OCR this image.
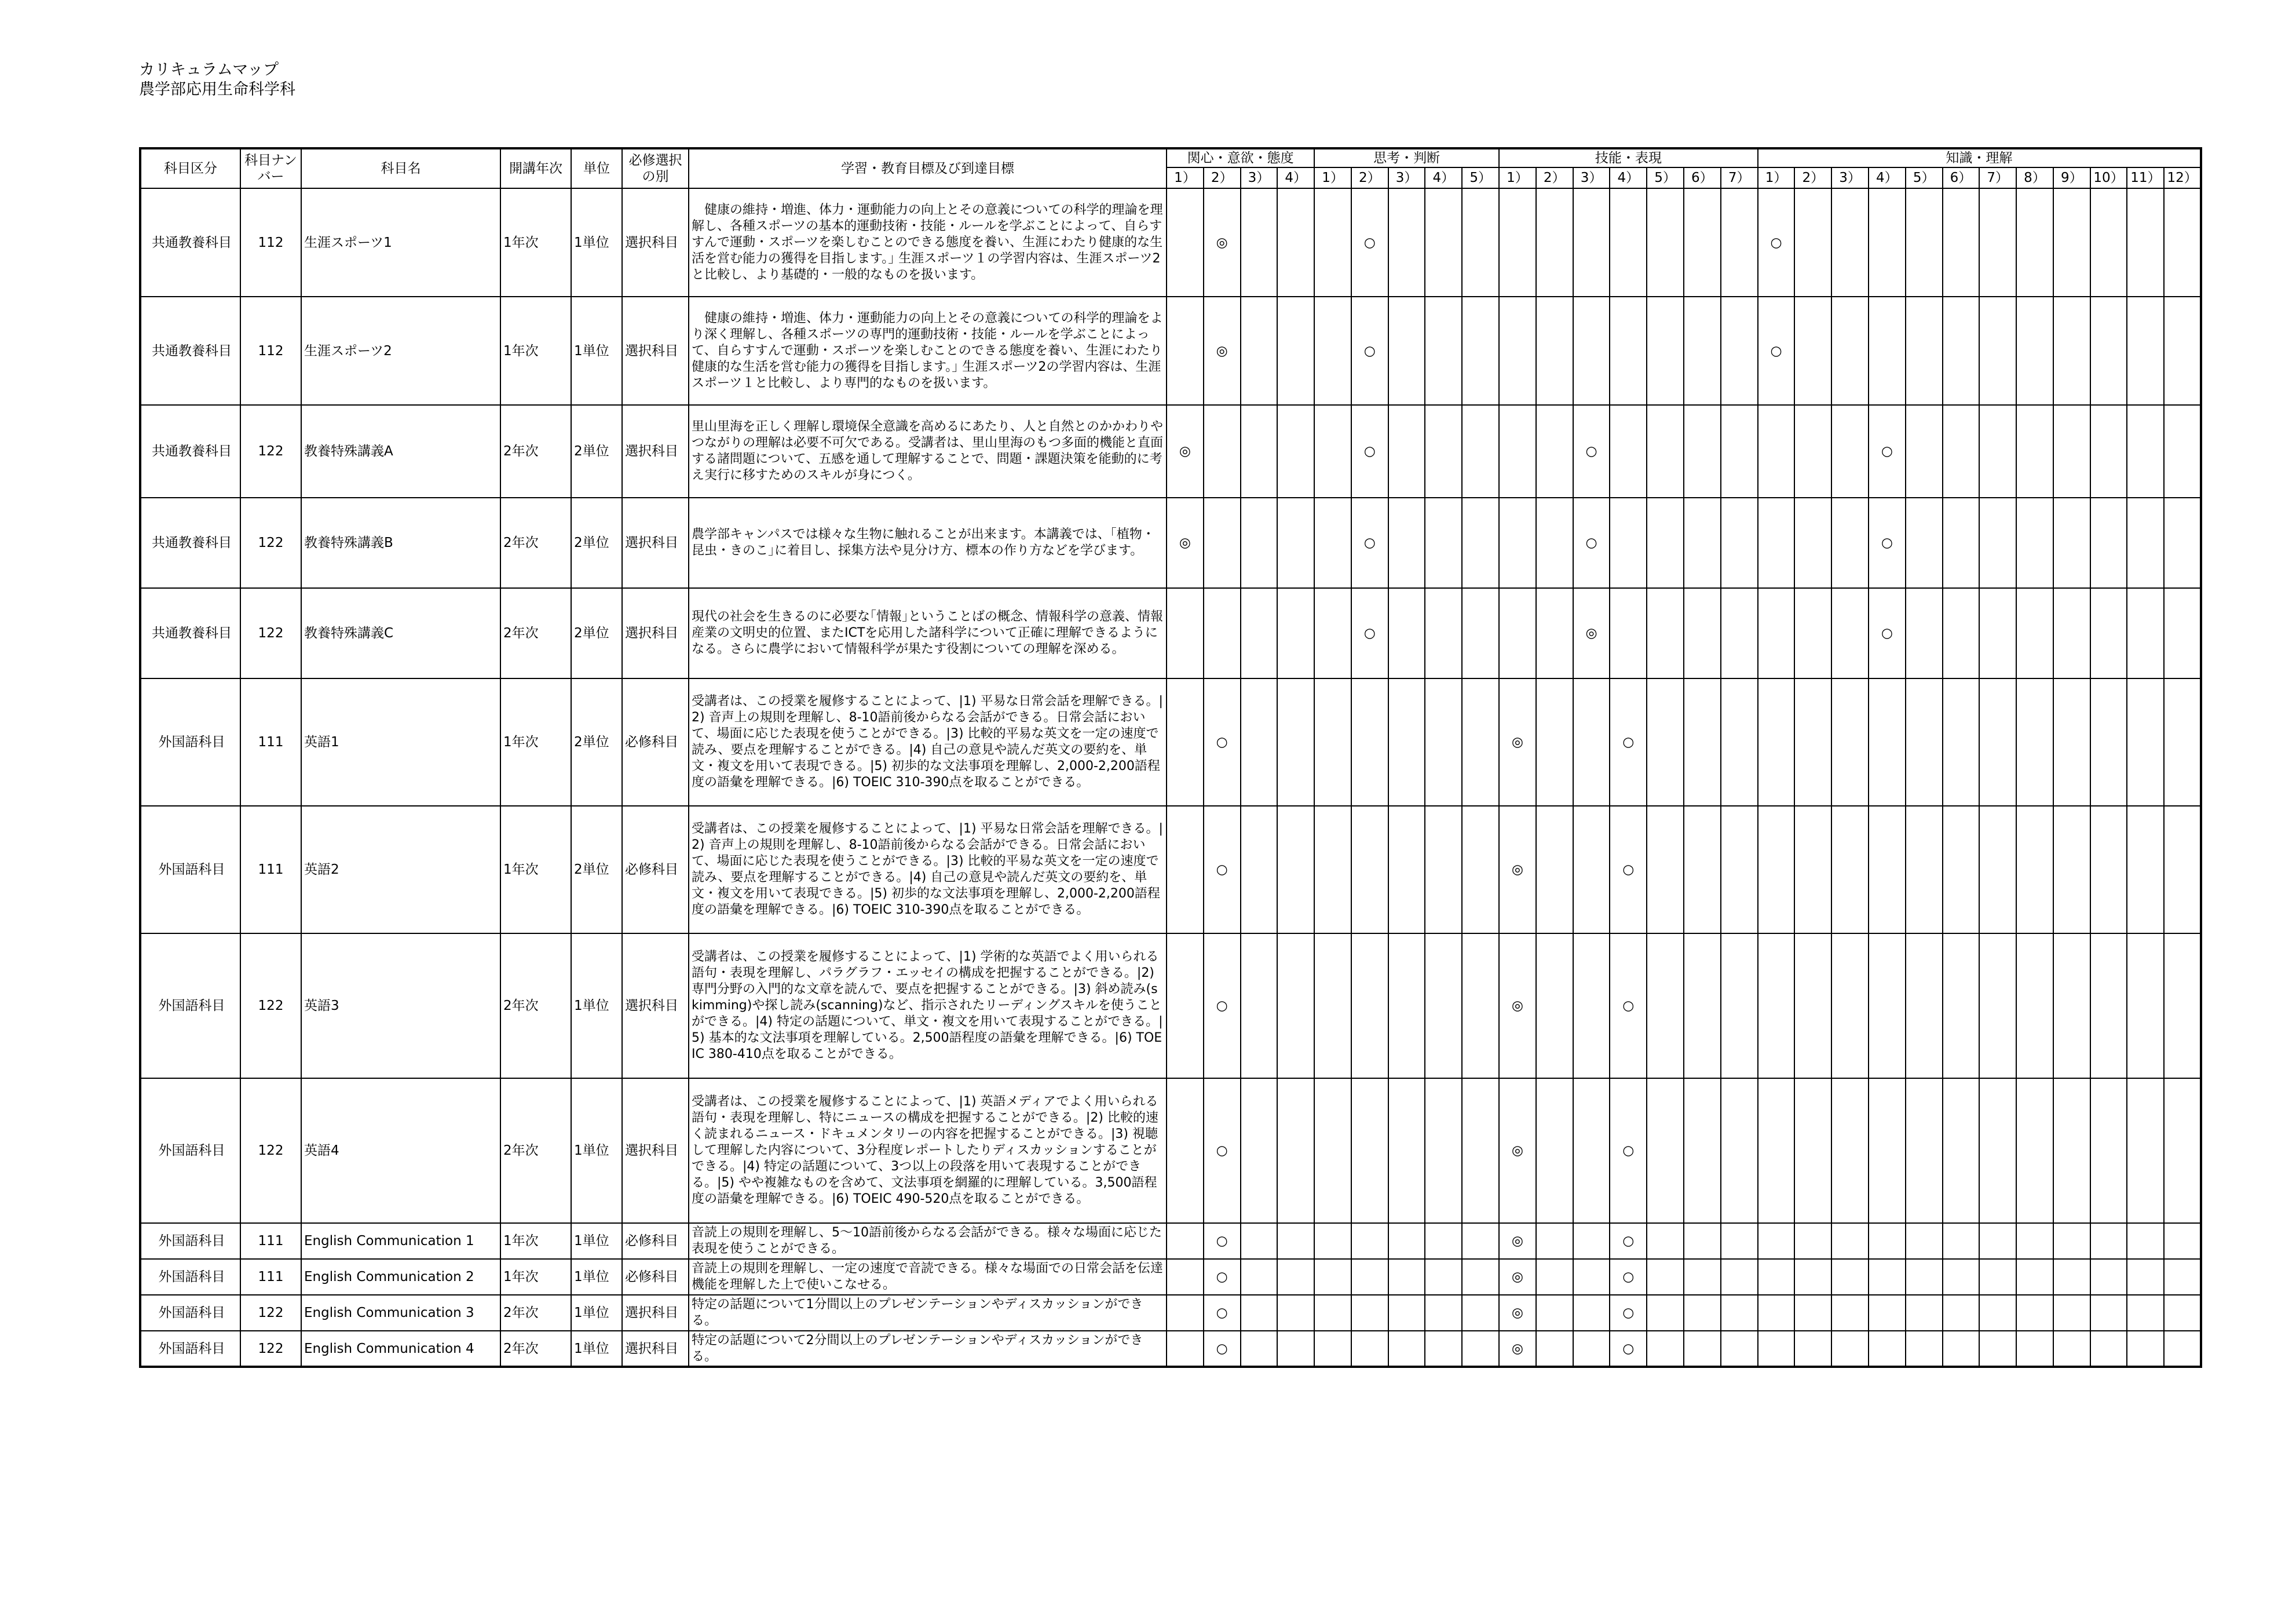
カリキュラムマップ
農学部応用生命科学科
科目区分	科目ナンバー	科目名	開講年次	単位	必修選択の別	学習・教育目標及び到達目標	関心・意欲・態度				思考・判断					技能・表現							知識・理解											
							1）	2）	3）	4）	1）	2）	3）	4）	5）	1）	2）	3）	4）	5）	6）	7）	1）	2）	3）	4）	5）	6）	7）	8）	9）	10）	11）	12）
共通教養科目	112	生涯スポーツ1	1年次	1単位	選択科目	　健康の維持・増進、体力・運動能力の向上とその意義についての科学的理論を理解し、各種スポーツの基本的運動技術・技能・ルールを学ぶことによって、自らすすんで運動・スポーツを楽しむことのできる態度を養い、生涯にわたり健康的な生活を営む能力の獲得を目指します。｣ 生涯スポーツ１の学習内容は、生涯スポーツ2と比較し、より基礎的・一般的なものを扱います。		◎				○											○											
共通教養科目	112	生涯スポーツ2	1年次	1単位	選択科目	　健康の維持・増進、体力・運動能力の向上とその意義についての科学的理論をより深く理解し、各種スポーツの専門的運動技術・技能・ルールを学ぶことによって、自らすすんで運動・スポーツを楽しむことのできる態度を養い、生涯にわたり健康的な生活を営む能力の獲得を目指します。｣ 生涯スポーツ2の学習内容は、生涯スポーツ１と比較し、より専門的なものを扱います。		◎				○											○											
共通教養科目	122	教養特殊講義A	2年次	2単位	選択科目	里山里海を正しく理解し環境保全意識を高めるにあたり、人と自然とのかかわりやつながりの理解は必要不可欠である。受講者は、里山里海のもつ多面的機能と直面する諸問題について、五感を通して理解することで、問題・課題決策を能動的に考え実行に移すためのスキルが身につく。	◎					○						○								○								
共通教養科目	122	教養特殊講義B	2年次	2単位	選択科目	農学部キャンパスでは様々な生物に触れることが出来ます。本講義では、｢植物・昆虫・きのこ｣に着目し、採集方法や見分け方、標本の作り方などを学びます。	◎					○						○								○								
共通教養科目	122	教養特殊講義C	2年次	2単位	選択科目	現代の社会を生きるのに必要な｢情報｣ということばの概念、情報科学の意義、情報産業の文明史的位置、またICTを応用した諸科学について正確に理解できるようになる。さらに農学において情報科学が果たす役割についての理解を深める。						○						◎								○								
外国語科目	111	英語1	1年次	2単位	必修科目	受講者は、この授業を履修することによって、|1) 平易な日常会話を理解できる。|2) 音声上の規則を理解し、8-10語前後からなる会話ができる。日常会話において、場面に応じた表現を使うことができる。|3) 比較的平易な英文を一定の速度で読み、要点を理解することができる。|4) 自己の意見や読んだ英文の要約を、単文・複文を用いて表現できる。|5) 初歩的な文法事項を理解し、2,000-2,200語程度の語彙を理解できる。|6) TOEIC 310-390点を取ることができる。		○								◎			○															
外国語科目	111	英語2	1年次	2単位	必修科目	受講者は、この授業を履修することによって、|1) 平易な日常会話を理解できる。|2) 音声上の規則を理解し、8-10語前後からなる会話ができる。日常会話において、場面に応じた表現を使うことができる。|3) 比較的平易な英文を一定の速度で読み、要点を理解することができる。|4) 自己の意見や読んだ英文の要約を、単文・複文を用いて表現できる。|5) 初歩的な文法事項を理解し、2,000-2,200語程度の語彙を理解できる。|6) TOEIC 310-390点を取ることができる。		○								◎			○															
外国語科目	122	英語3	2年次	1単位	選択科目	受講者は、この授業を履修することによって、|1) 学術的な英語でよく用いられる語句・表現を理解し、パラグラフ・エッセイの構成を把握することができる。|2) 専門分野の入門的な文章を読んで、要点を把握することができる。|3) 斜め読み(skimming)や探し読み(scanning)など、指示されたリーディングスキルを使うことができる。|4) 特定の話題について、単文・複文を用いて表現することができる。|5) 基本的な文法事項を理解している。2,500語程度の語彙を理解できる。|6) TOEIC 380-410点を取ることができる。		○								◎			○															
外国語科目	122	英語4	2年次	1単位	選択科目	受講者は、この授業を履修することによって、|1) 英語メディアでよく用いられる語句・表現を理解し、特にニュースの構成を把握することができる。|2) 比較的速く読まれるニュース・ドキュメンタリーの内容を把握することができる。|3) 視聴して理解した内容について、3分程度レポートしたりディスカッションすることができる。|4) 特定の話題について、3つ以上の段落を用いて表現することができる。|5) やや複雑なものを含めて、文法事項を網羅的に理解している。3,500語程度の語彙を理解できる。|6) TOEIC 490-520点を取ることができる。		○								◎			○															
外国語科目	111	English Communication 1	1年次	1単位	必修科目	音読上の規則を理解し、5～10語前後からなる会話ができる。様々な場面に応じた表現を使うことができる。		○								◎			○															
外国語科目	111	English Communication 2	1年次	1単位	必修科目	音読上の規則を理解し、一定の速度で音読できる。様々な場面での日常会話を伝達機能を理解した上で使いこなせる。		○								◎			○															
外国語科目	122	English Communication 3	2年次	1単位	選択科目	特定の話題について1分間以上のプレゼンテーションやディスカッションができる。		○								◎			○															
外国語科目	122	English Communication 4	2年次	1単位	選択科目	特定の話題について2分間以上のプレゼンテーションやディスカッションができる。		○								◎			○															
